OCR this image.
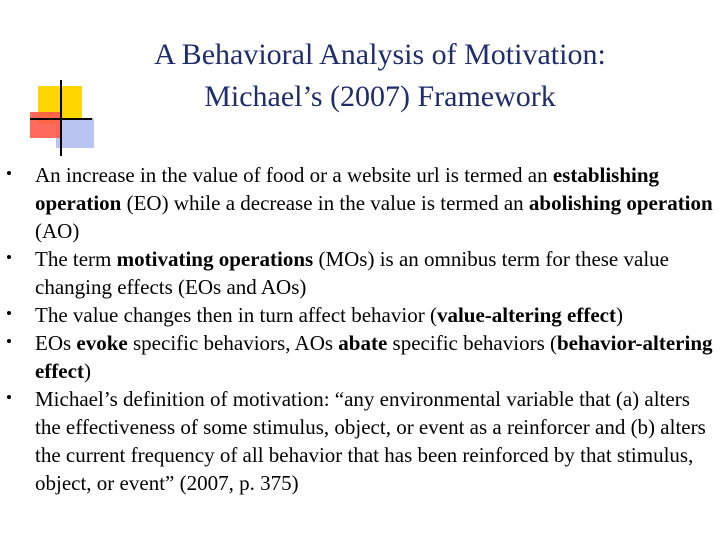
A Behavioral Analysis of Motivation:
Michael’s (2007) Framework
An increase in the value of food or a website url is termed an establishing operation (EO) while a decrease in the value is termed an abolishing operation (AO)
The term motivating operations (MOs) is an omnibus term for these value changing effects (EOs and AOs)
The value changes then in turn affect behavior (value-altering effect)
EOs evoke specific behaviors, AOs abate specific behaviors (behavior-altering effect)
Michael’s definition of motivation: “any environmental variable that (a) alters the effectiveness of some stimulus, object, or event as a reinforcer and (b) alters the current frequency of all behavior that has been reinforced by that stimulus, object, or event” (2007, p. 375)
